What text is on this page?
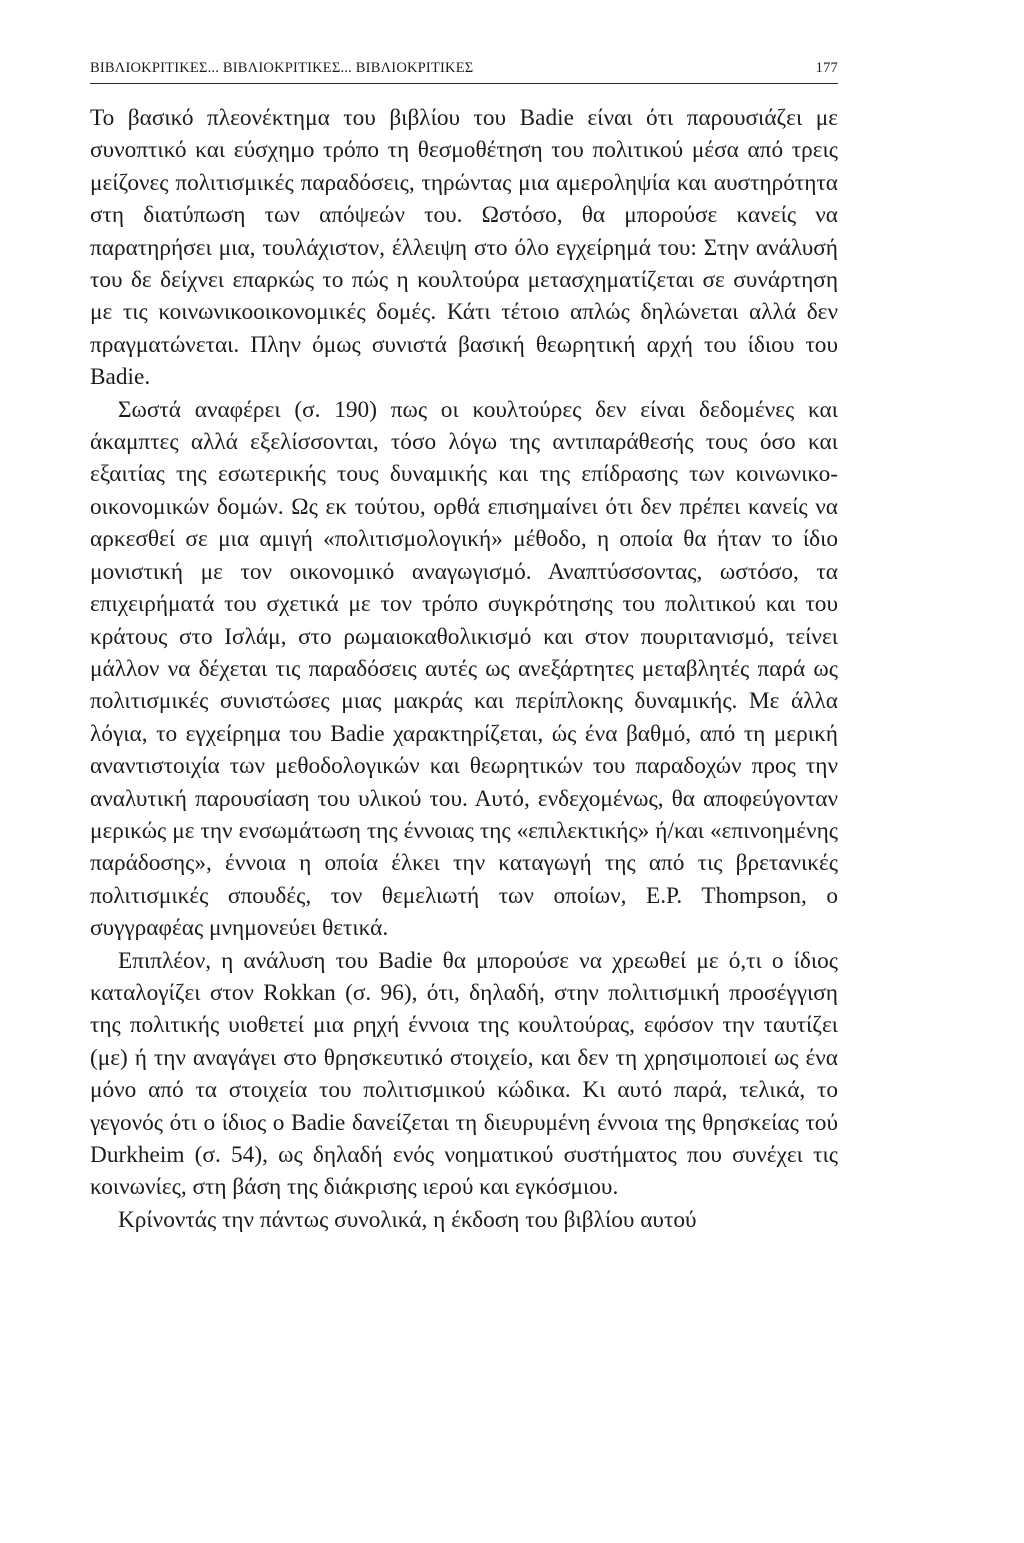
ΒΙΒΛΙΟΚΡΙΤΙΚΕΣ... ΒΙΒΛΙΟΚΡΙΤΙΚΕΣ... ΒΙΒΛΙΟΚΡΙΤΙΚΕΣ	177

Το βασικό πλεονέκτημα του βιβλίου του Badie είναι ότι παρουσιάζει με συνοπτικό και εύσχημο τρόπο τη θεσμοθέτηση του πολιτικού μέσα από τρεις μείζονες πολιτισμικές παραδόσεις, τηρώντας μια αμεροληψία και αυστηρότητα στη διατύπωση των απόψεών του. Ωστόσο, θα μπορούσε κανείς να παρατηρήσει μια, τουλάχιστον, έλλειψη στο όλο εγχείρημά του: Στην ανάλυσή του δε δείχνει επαρκώς το πώς η κουλτούρα μετασχηματίζεται σε συνάρτηση με τις κοινωνικοοικονομικές δομές. Κάτι τέτοιο απλώς δηλώνεται αλλά δεν πραγματώνεται. Πλην όμως συνιστά βασική θεωρητική αρχή του ίδιου του Badie.

Σωστά αναφέρει (σ. 190) πως οι κουλτούρες δεν είναι δεδομένες και άκαμπτες αλλά εξελίσσονται, τόσο λόγω της αντιπαράθεσής τους όσο και εξαιτίας της εσωτερικής τους δυναμικής και της επίδρασης των κοινωνικο-οικονομικών δομών. Ως εκ τούτου, ορθά επισημαίνει ότι δεν πρέπει κανείς να αρκεσθεί σε μια αμιγή «πολιτισμολογική» μέθοδο, η οποία θα ήταν το ίδιο μονιστική με τον οικονομικό αναγωγισμό. Αναπτύσσοντας, ωστόσο, τα επιχειρήματά του σχετικά με τον τρόπο συγκρότησης του πολιτικού και του κράτους στο Ισλάμ, στο ρωμαιοκαθολικισμό και στον πουριτανισμό, τείνει μάλλον να δέχεται τις παραδόσεις αυτές ως ανεξάρτητες μεταβλητές παρά ως πολιτισμικές συνιστώσες μιας μακράς και περίπλοκης δυναμικής. Με άλλα λόγια, το εγχείρημα του Badie χαρακτηρίζεται, ώς ένα βαθμό, από τη μερική αναντιστοιχία των μεθοδολογικών και θεωρητικών του παραδοχών προς την αναλυτική παρουσίαση του υλικού του. Αυτό, ενδεχομένως, θα αποφεύγονταν μερικώς με την ενσωμάτωση της έννοιας της «επιλεκτικής» ή/και «επινοημένης παράδοσης», έννοια η οποία έλκει την καταγωγή της από τις βρετανικές πολιτισμικές σπουδές, τον θεμελιωτή των οποίων, E.P. Thompson, ο συγγραφέας μνημονεύει θετικά.

Επιπλέον, η ανάλυση του Badie θα μπορούσε να χρεωθεί με ό,τι ο ίδιος καταλογίζει στον Rokkan (σ. 96), ότι, δηλαδή, στην πολιτισμική προσέγγιση της πολιτικής υιοθετεί μια ρηχή έννοια της κουλτούρας, εφόσον την ταυτίζει (με) ή την αναγάγει στο θρησκευτικό στοιχείο, και δεν τη χρησιμοποιεί ως ένα μόνο από τα στοιχεία του πολιτισμικού κώδικα. Κι αυτό παρά, τελικά, το γεγονός ότι ο ίδιος ο Badie δανείζεται τη διευρυμένη έννοια της θρησκείας τού Durkheim (σ. 54), ως δηλαδή ενός νοηματικού συστήματος που συνέχει τις κοινωνίες, στη βάση της διάκρισης ιερού και εγκόσμιου.

Κρίνοντάς την πάντως συνολικά, η έκδοση του βιβλίου αυτού
